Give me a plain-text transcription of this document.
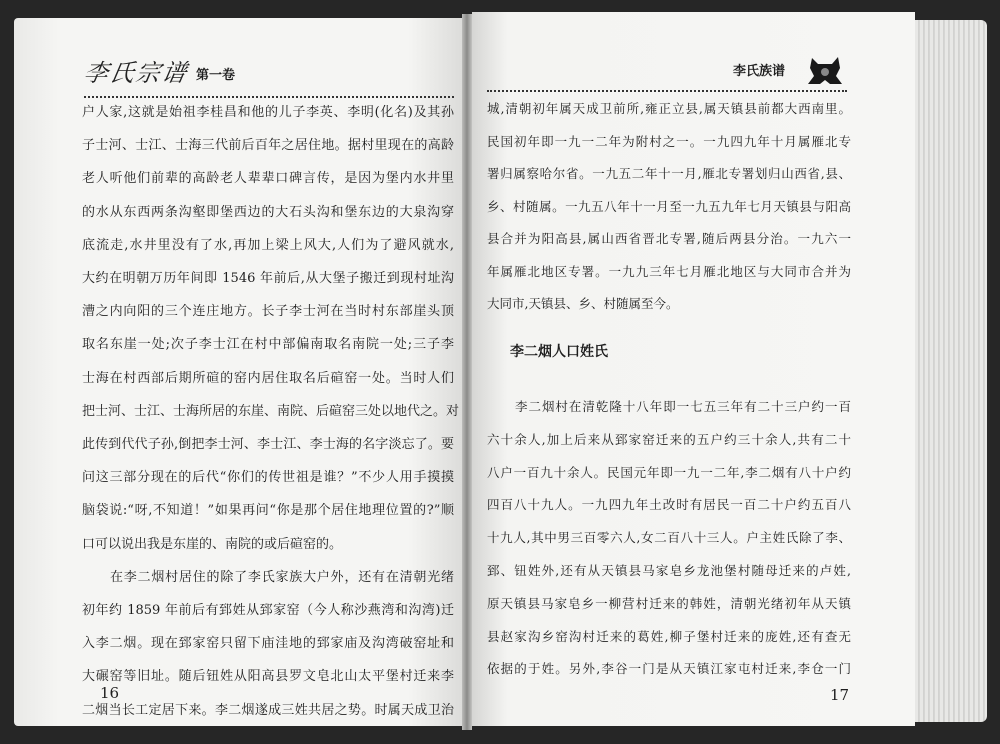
李氏宗谱 第一卷
户人家,这就是始祖李桂昌和他的儿子李英、李明(化名)及其孙
子士河、士江、士海三代前后百年之居住地。据村里现在的高龄
老人听他们前辈的高龄老人辈辈口碑言传，是因为堡内水井里
的水从东西两条沟壑即堡西边的大石头沟和堡东边的大泉沟穿
底流走,水井里没有了水,再加上梁上风大,人们为了避风就水,
大约在明朝万历年间即 1546 年前后,从大堡子搬迁到现村址沟
漕之内向阳的三个连庄地方。长子李士河在当时村东部崖头顶
取名东崖一处;次子李士江在村中部偏南取名南院一处;三子李
士海在村西部后期所碹的窑内居住取名后碹窑一处。当时人们
把士河、士江、士海所居的东崖、南院、后碹窑三处以地代之。对
此传到代代子孙,倒把李士河、李士江、李士海的名字淡忘了。要
问这三部分现在的后代“你们的传世祖是谁？”不少人用手摸摸
脑袋说:“呀,不知道！”如果再问“你是那个居住地理位置的?”顺
口可以说出我是东崖的、南院的或后碹窑的。
在李二烟村居住的除了李氏家族大户外，还有在清朝光绪
初年约 1859 年前后有郅姓从郅家窑（今人称沙燕湾和沟湾)迁
入李二烟。现在郅家窑只留下庙洼地的郅家庙及沟湾破窑址和
大碾窑等旧址。随后钮姓从阳高县罗文皂北山太平堡村迁来李
二烟当长工定居下来。李二烟遂成三姓共居之势。时属天成卫治
16
李氏族谱
城,清朝初年属天成卫前所,雍正立县,属天镇县前都大西南里。
民国初年即一九一二年为附村之一。一九四九年十月属雁北专
署归属察哈尔省。一九五二年十一月,雁北专署划归山西省,县、
乡、村随属。一九五八年十一月至一九五九年七月天镇县与阳高
县合并为阳高县,属山西省晋北专署,随后两县分治。一九六一
年属雁北地区专署。一九九三年七月雁北地区与大同市合并为
大同市,天镇县、乡、村随属至今。
李二烟人口姓氏
李二烟村在清乾隆十八年即一七五三年有二十三户约一百
六十余人,加上后来从郅家窑迁来的五户约三十余人,共有二十
八户一百九十余人。民国元年即一九一二年,李二烟有八十户约
四百八十九人。一九四九年土改时有居民一百二十户约五百八
十九人,其中男三百零六人,女二百八十三人。户主姓氏除了李、
郅、钮姓外,还有从天镇县马家皂乡龙池堡村随母迁来的卢姓,
原天镇县马家皂乡一柳营村迁来的韩姓，清朝光绪初年从天镇
县赵家沟乡窑沟村迁来的葛姓,柳子堡村迁来的庞姓,还有查无
依据的于姓。另外,李谷一门是从天镇江家屯村迁来,李仓一门
17
